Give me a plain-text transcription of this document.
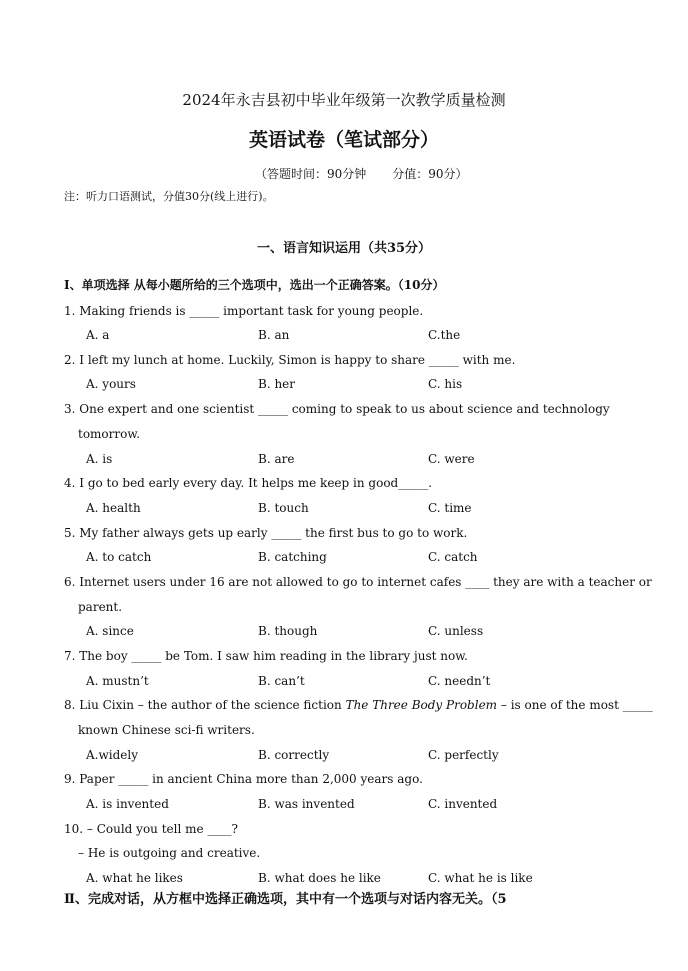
2024年永吉县初中毕业年级第一次教学质量检测
英语试卷（笔试部分）
（答题时间：90分钟 分值：90分）
注：听力口语测试，分值30分(线上进行)。
一、语言知识运用（共35分）
Ⅰ、单项选择 从每小题所给的三个选项中，选出一个正确答案。（10分）
1. Making friends is _____ important task for young people.
A. a	B. an	C.the
2. I left my lunch at home. Luckily, Simon is happy to share _____ with me.
A. yours	B. her	C. his
3. One expert and one scientist _____ coming to speak to us about science and technology
tomorrow.
A. is	B. are	C. were
4. I go to bed early every day. It helps me keep in good_____.
A. health	B. touch	C. time
5. My father always gets up early _____ the first bus to go to work.
A. to catch	B. catching	C. catch
6. Internet users under 16 are not allowed to go to internet cafes ____ they are with a teacher or
parent.
A. since	B. though	C. unless
7. The boy _____ be Tom. I saw him reading in the library just now.
A. mustn’t	B. can’t	C. needn’t
8. Liu Cixin – the author of the science fiction The Three Body Problem – is one of the most _____
known Chinese sci-fi writers.
A.widely	B. correctly	C. perfectly
9. Paper _____ in ancient China more than 2,000 years ago.
A. is invented	B. was invented	C. invented
10. – Could you tell me ____?
– He is outgoing and creative.
A. what he likes	B. what does he like	C. what he is like
Ⅱ、完成对话，从方框中选择正确选项，其中有一个选项与对话内容无关。（5
